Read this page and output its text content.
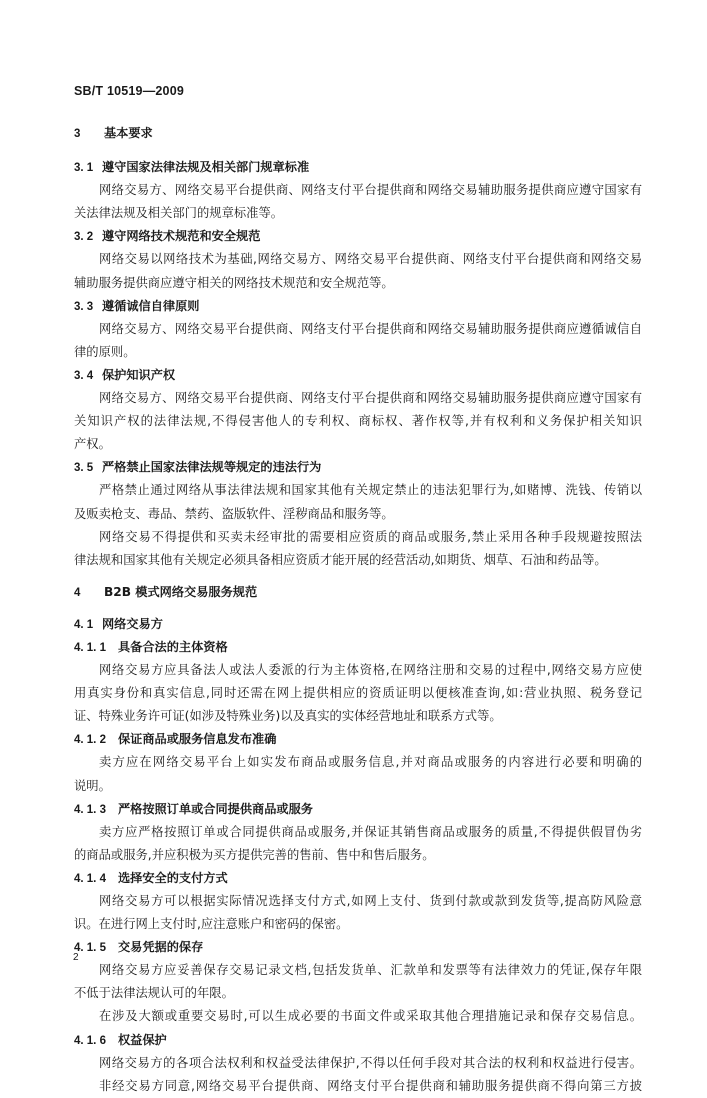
SB/T 10519—2009
3 基本要求
3. 1 遵守国家法律法规及相关部门规章标准
网络交易方、网络交易平台提供商、网络支付平台提供商和网络交易辅助服务提供商应遵守国家有
关法律法规及相关部门的规章标准等。
3. 2 遵守网络技术规范和安全规范
网络交易以网络技术为基础,网络交易方、网络交易平台提供商、网络支付平台提供商和网络交易
辅助服务提供商应遵守相关的网络技术规范和安全规范等。
3. 3 遵循诚信自律原则
网络交易方、网络交易平台提供商、网络支付平台提供商和网络交易辅助服务提供商应遵循诚信自
律的原则。
3. 4 保护知识产权
网络交易方、网络交易平台提供商、网络支付平台提供商和网络交易辅助服务提供商应遵守国家有
关知识产权的法律法规,不得侵害他人的专利权、商标权、著作权等,并有权利和义务保护相关知识
产权。
3. 5 严格禁止国家法律法规等规定的违法行为
严格禁止通过网络从事法律法规和国家其他有关规定禁止的违法犯罪行为,如赌博、洗钱、传销以
及贩卖枪支、毒品、禁药、盗版软件、淫秽商品和服务等。
网络交易不得提供和买卖未经审批的需要相应资质的商品或服务,禁止采用各种手段规避按照法
律法规和国家其他有关规定必须具备相应资质才能开展的经营活动,如期货、烟草、石油和药品等。
4 B2B 模式网络交易服务规范
4. 1 网络交易方
4. 1. 1 具备合法的主体资格
网络交易方应具备法人或法人委派的行为主体资格,在网络注册和交易的过程中,网络交易方应使
用真实身份和真实信息,同时还需在网上提供相应的资质证明以便核准查询,如:营业执照、税务登记
证、特殊业务许可证(如涉及特殊业务)以及真实的实体经营地址和联系方式等。
4. 1. 2 保证商品或服务信息发布准确
卖方应在网络交易平台上如实发布商品或服务信息,并对商品或服务的内容进行必要和明确的
说明。
4. 1. 3 严格按照订单或合同提供商品或服务
卖方应严格按照订单或合同提供商品或服务,并保证其销售商品或服务的质量,不得提供假冒伪劣
的商品或服务,并应积极为买方提供完善的售前、售中和售后服务。
4. 1. 4 选择安全的支付方式
网络交易方可以根据实际情况选择支付方式,如网上支付、货到付款或款到发货等,提高防风险意
识。在进行网上支付时,应注意账户和密码的保密。
4. 1. 5 交易凭据的保存
网络交易方应妥善保存交易记录文档,包括发货单、汇款单和发票等有法律效力的凭证,保存年限
不低于法律法规认可的年限。
在涉及大额或重要交易时,可以生成必要的书面文件或采取其他合理措施记录和保存交易信息。
4. 1. 6 权益保护
网络交易方的各项合法权利和权益受法律保护,不得以任何手段对其合法的权利和权益进行侵害。
非经交易方同意,网络交易平台提供商、网络支付平台提供商和辅助服务提供商不得向第三方披
2
